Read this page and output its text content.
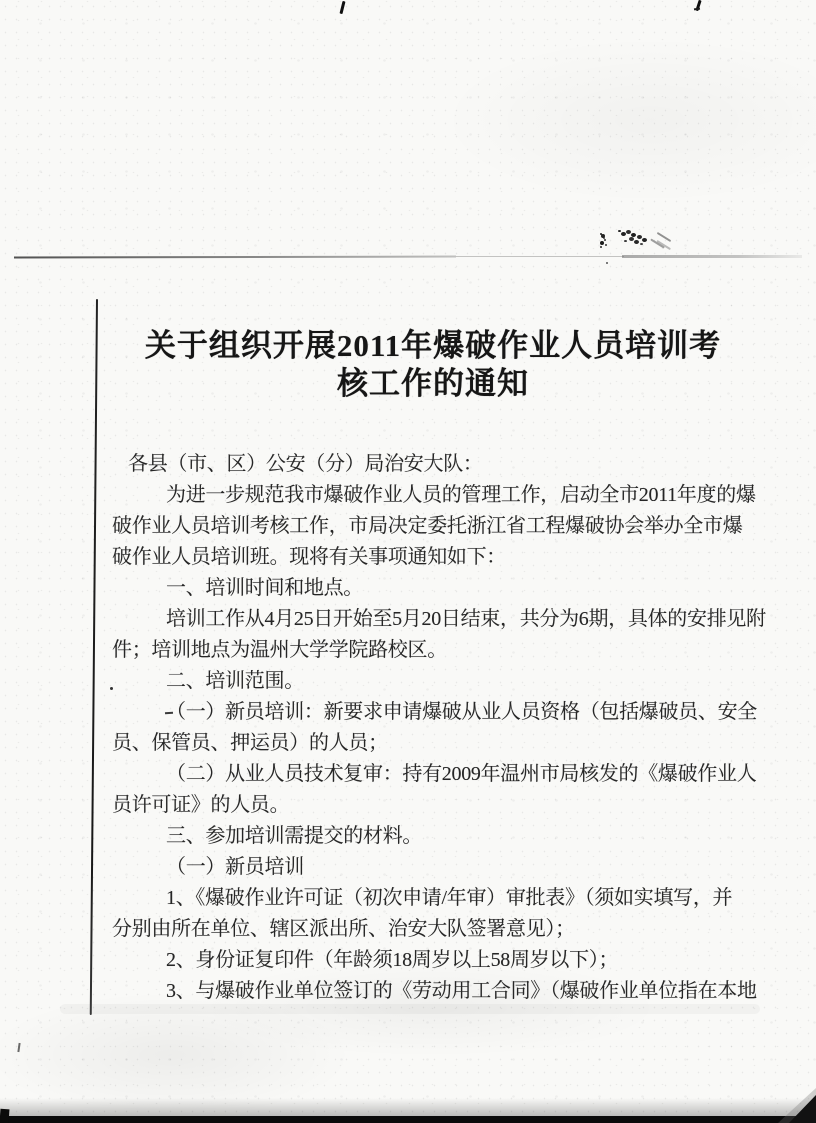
关于组织开展2011年爆破作业人员培训考
核工作的通知
各县（市、区）公安（分）局治安大队：
为进一步规范我市爆破作业人员的管理工作，启动全市2011年度的爆
破作业人员培训考核工作，市局决定委托浙江省工程爆破协会举办全市爆
破作业人员培训班。现将有关事项通知如下：
一、培训时间和地点。
培训工作从4月25日开始至5月20日结束，共分为6期，具体的安排见附
件；培训地点为温州大学学院路校区。
二、培训范围。
（一）新员培训：新要求申请爆破从业人员资格（包括爆破员、安全
员、保管员、押运员）的人员；
（二）从业人员技术复审：持有2009年温州市局核发的《爆破作业人
员许可证》的人员。
三、参加培训需提交的材料。
（一）新员培训
1、《爆破作业许可证（初次申请/年审）审批表》（须如实填写，并
分别由所在单位、辖区派出所、治安大队签署意见）；
2、身份证复印件（年龄须18周岁以上58周岁以下）；
3、与爆破作业单位签订的《劳动用工合同》（爆破作业单位指在本地
